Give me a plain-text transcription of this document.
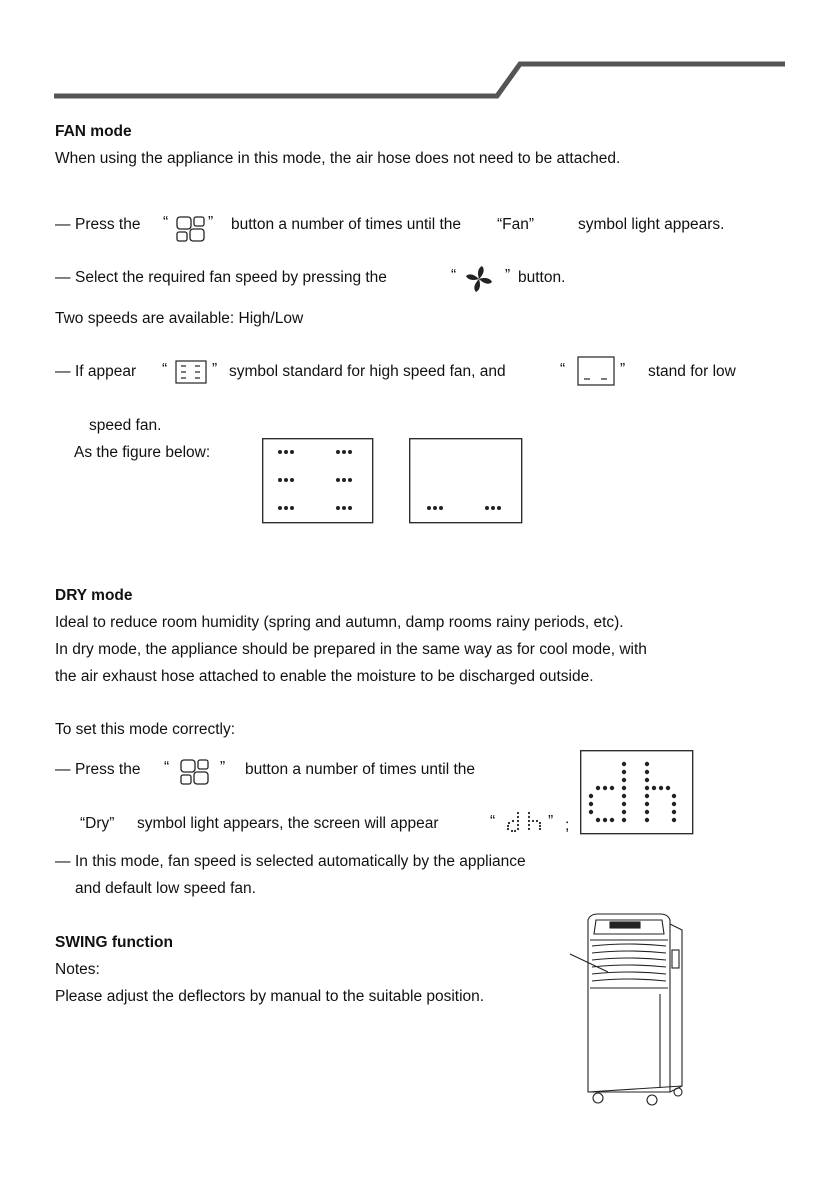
FAN mode
When using the appliance in this mode, the air hose does not need to be attached.
— Press the “	” button a number of times until the “Fan”	symbol light appears.
— Select the required fan speed by pressing the	“	” button.
Two speeds are available: High/Low
— If appear “	” symbol standard for high speed fan, and	“	” stand for low
speed fan.
As the figure below:
DRY mode
Ideal to reduce room humidity (spring and autumn, damp rooms rainy periods, etc).
In dry mode, the appliance should be prepared in the same way as for cool mode, with
the air exhaust hose attached to enable the moisture to be discharged outside.
To set this mode correctly:
— Press the “	” button a number of times until the
“Dry” symbol light appears, the screen will appear	“	” ;
— In this mode, fan speed is selected automatically by the appliance
and default low speed fan.
SWING function
Notes:
Please adjust the deflectors by manual to the suitable position.
